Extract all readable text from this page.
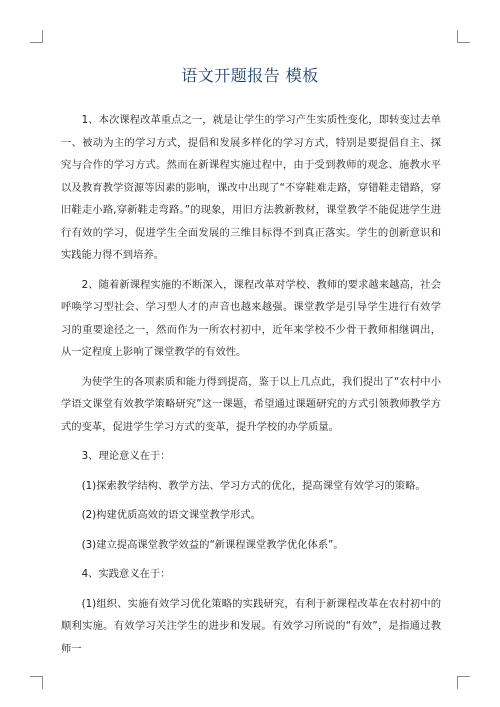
语文开题报告 模板

1、本次课程改革重点之一，就是让学生的学习产生实质性变化，即转变过去单一、被动为主的学习方式，提倡和发展多样化的学习方式，特别是要提倡自主、探究与合作的学习方式。然而在新课程实施过程中，由于受到教师的观念、施教水平以及教育教学资源等因素的影响，课改中出现了“不穿鞋难走路，穿错鞋走错路，穿旧鞋走小路,穿新鞋走弯路。”的现象，用旧方法教新教材，课堂教学不能促进学生进行有效的学习，促进学生全面发展的三维目标得不到真正落实。学生的创新意识和实践能力得不到培养。

2、随着新课程实施的不断深入，课程改革对学校、教师的要求越来越高，社会呼唤学习型社会、学习型人才的声音也越来越强。课堂教学是引导学生进行有效学习的重要途径之一，然而作为一所农村初中，近年来学校不少骨干教师相继调出，从一定程度上影响了课堂教学的有效性。

为使学生的各项素质和能力得到提高，鉴于以上几点此，我们提出了“农村中小学语文课堂有效教学策略研究”这一课题，希望通过课题研究的方式引领教师教学方式的变革，促进学生学习方式的变革，提升学校的办学质量。

3、理论意义在于：

(1)探索教学结构、教学方法、学习方式的优化，提高课堂有效学习的策略。

(2)构建优质高效的语文课堂教学形式。

(3)建立提高课堂教学效益的“新课程课堂教学优化体系”。

4、实践意义在于：

(1)组织、实施有效学习优化策略的实践研究，有利于新课程改革在农村初中的顺利实施。有效学习关注学生的进步和发展。有效学习所说的“有效”，是指通过教师一
